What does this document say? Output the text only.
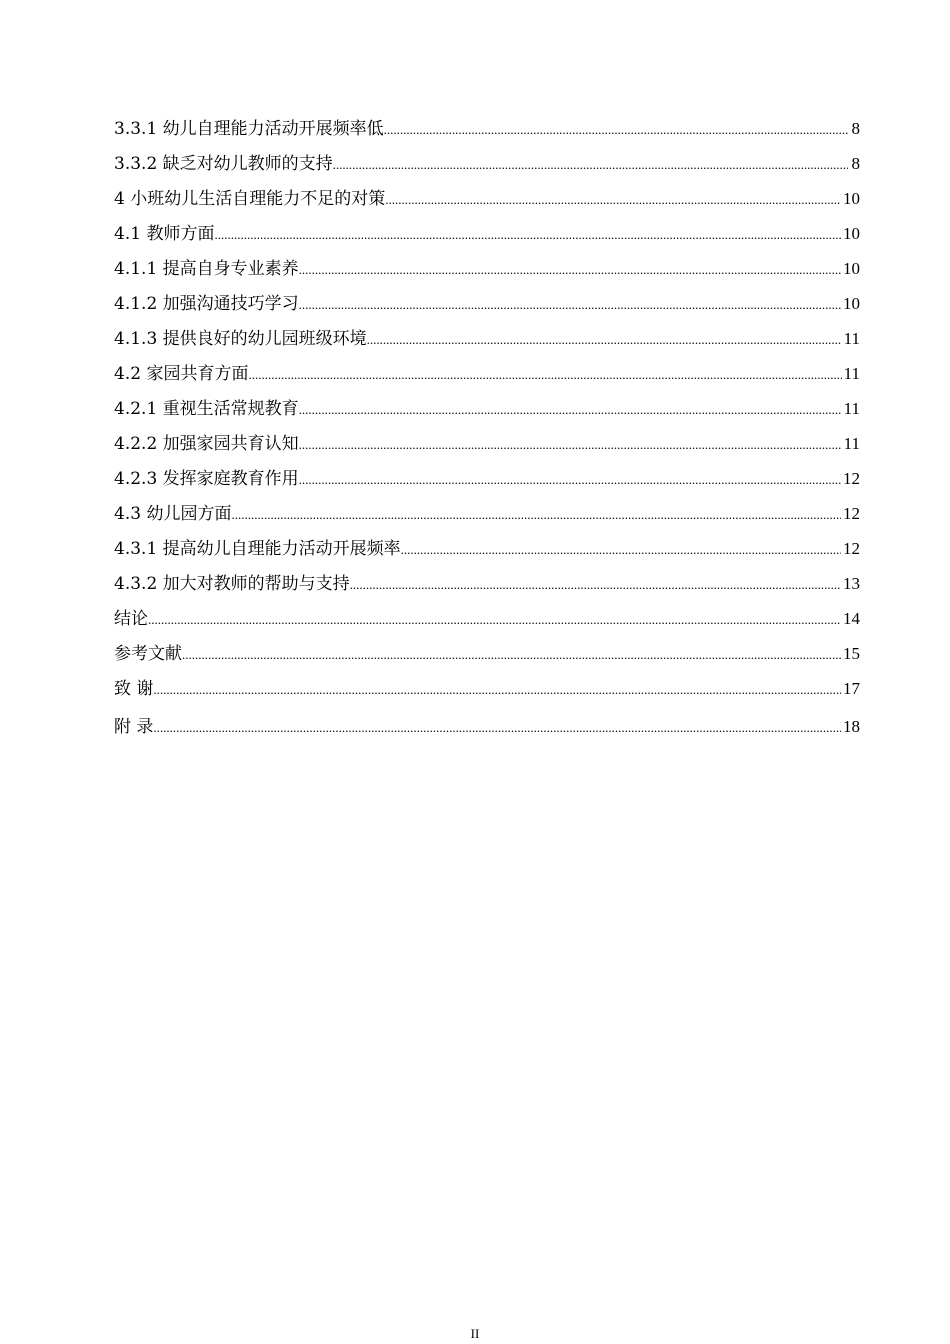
3.3.1 幼儿自理能力活动开展频率低 .....	8
3.3.2 缺乏对幼儿教师的支持 .....	8
4 小班幼儿生活自理能力不足的对策 .....	10
4.1 教师方面 .....	10
4.1.1 提高自身专业素养 .....	10
4.1.2 加强沟通技巧学习 .....	10
4.1.3 提供良好的幼儿园班级环境 .....	11
4.2 家园共育方面 .....	11
4.2.1 重视生活常规教育 .....	11
4.2.2 加强家园共育认知 .....	11
4.2.3 发挥家庭教育作用 .....	12
4.3 幼儿园方面 .....	12
4.3.1 提高幼儿自理能力活动开展频率 .....	12
4.3.2 加大对教师的帮助与支持 .....	13
结论 .....	14
参考文献 .....	15
致 谢 .....	17
附 录 .....	18
II
